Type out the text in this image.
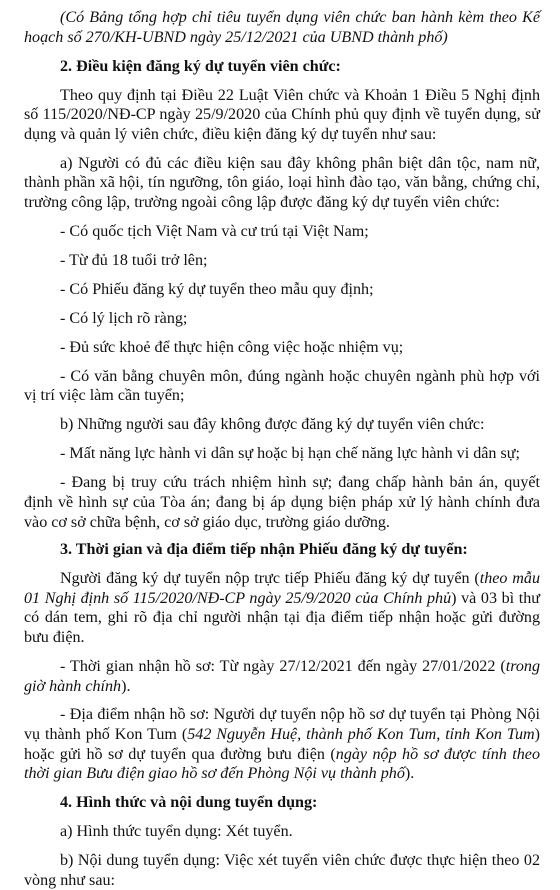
(Có Bảng tổng hợp chỉ tiêu tuyển dụng viên chức ban hành kèm theo Kế hoạch số 270/KH-UBND ngày 25/12/2021 của UBND thành phố)

2. Điều kiện đăng ký dự tuyển viên chức:

Theo quy định tại Điều 22 Luật Viên chức và Khoản 1 Điều 5 Nghị định số 115/2020/NĐ-CP ngày 25/9/2020 của Chính phủ quy định về tuyển dụng, sử dụng và quản lý viên chức, điều kiện đăng ký dự tuyển như sau:

a) Người có đủ các điều kiện sau đây không phân biệt dân tộc, nam nữ, thành phần xã hội, tín ngưỡng, tôn giáo, loại hình đào tạo, văn bằng, chứng chỉ, trường công lập, trường ngoài công lập được đăng ký dự tuyển viên chức:

- Có quốc tịch Việt Nam và cư trú tại Việt Nam;

- Từ đủ 18 tuổi trở lên;

- Có Phiếu đăng ký dự tuyển theo mẫu quy định;

- Có lý lịch rõ ràng;

- Đủ sức khoẻ để thực hiện công việc hoặc nhiệm vụ;

- Có văn bằng chuyên môn, đúng ngành hoặc chuyên ngành phù hợp với vị trí việc làm cần tuyển;

b) Những người sau đây không được đăng ký dự tuyển viên chức:

- Mất năng lực hành vi dân sự hoặc bị hạn chế năng lực hành vi dân sự;

- Đang bị truy cứu trách nhiệm hình sự; đang chấp hành bản án, quyết định về hình sự của Tòa án; đang bị áp dụng biện pháp xử lý hành chính đưa vào cơ sở chữa bệnh, cơ sở giáo dục, trường giáo dưỡng.

3. Thời gian và địa điểm tiếp nhận Phiếu đăng ký dự tuyển:

Người đăng ký dự tuyển nộp trực tiếp Phiếu đăng ký dự tuyển (theo mẫu 01 Nghị định số 115/2020/NĐ-CP ngày 25/9/2020 của Chính phủ) và 03 bì thư có dán tem, ghi rõ địa chỉ người nhận tại địa điểm tiếp nhận hoặc gửi đường bưu điện.

- Thời gian nhận hồ sơ: Từ ngày 27/12/2021 đến ngày 27/01/2022 (trong giờ hành chính).

- Địa điểm nhận hồ sơ: Người dự tuyển nộp hồ sơ dự tuyển tại Phòng Nội vụ thành phố Kon Tum (542 Nguyễn Huệ, thành phố Kon Tum, tỉnh Kon Tum) hoặc gửi hồ sơ dự tuyển qua đường bưu điện (ngày nộp hồ sơ được tính theo thời gian Bưu điện giao hồ sơ đến Phòng Nội vụ thành phố).

4. Hình thức và nội dung tuyển dụng:

a) Hình thức tuyển dụng: Xét tuyển.

b) Nội dung tuyển dụng: Việc xét tuyển viên chức được thực hiện theo 02 vòng như sau:
